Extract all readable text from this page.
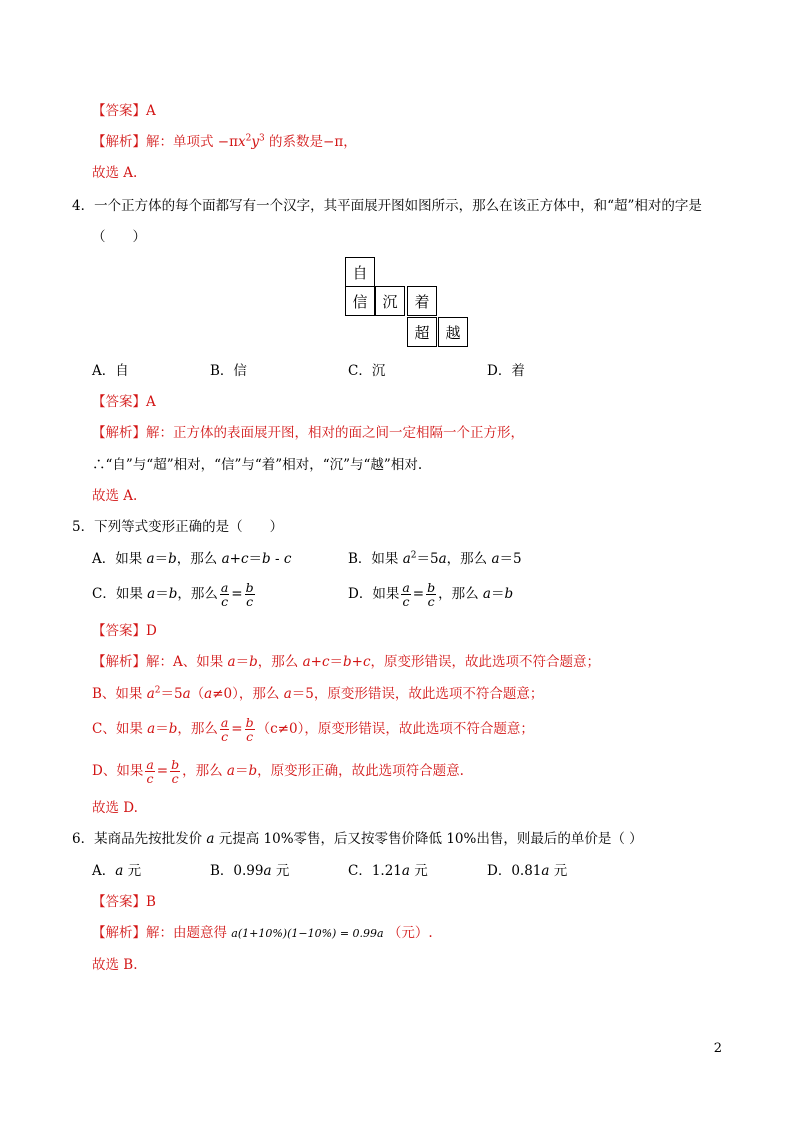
【答案】A
【解析】解：单项式 $-\pi x^2y^3$ 的系数是−π，
故选 A.
4．一个正方体的每个面都写有一个汉字，其平面展开图如图所示，那么在该正方体中，和“超”相对的字是
（　　）
自
信 沉	着
超	越
A．自	B．信	C．沉	D．着
【答案】A
【解析】解：正方体的表面展开图，相对的面之间一定相隔一个正方形，
∴“自”与“超”相对，“信”与“着”相对，“沉”与“越”相对.
故选 A.
5．下列等式变形正确的是（　　）
A．如果 a＝b，那么 a+c＝b - c	B．如果 $a^2=5a$，那么 a＝5
C．如果 a＝b，那么 $\frac{a}{c} = \frac{b}{c}$	D．如果 $\frac{a}{c} = \frac{b}{c}$ ，那么 a＝b
【答案】D
【解析】解：A、如果 a＝b，那么 a+c＝b+c，原变形错误，故此选项不符合题意；
B、如果 $a^2=5a(a\ne 0)$，那么 a＝5，原变形错误，故此选项不符合题意；
C、如果 a＝b，那么 $\frac{a}{c} = \frac{b}{c} (c\ne 0)$，原变形错误，故此选项不符合题意；
D、如果 $\frac{a}{c} = \frac{b}{c}$ ，那么 a＝b，原变形正确，故此选项符合题意.
故选 D.
6．某商品先按批发价 a 元提高 10%零售，后又按零售价降低 10%出售，则最后的单价是（ ）
A．a 元	B．0.99a 元	C．1.21a 元	D．0.81a 元
【答案】B
【解析】解：由题意得 a(1+10%)(1−10%) = 0.99a （元）.
故选 B.
2
